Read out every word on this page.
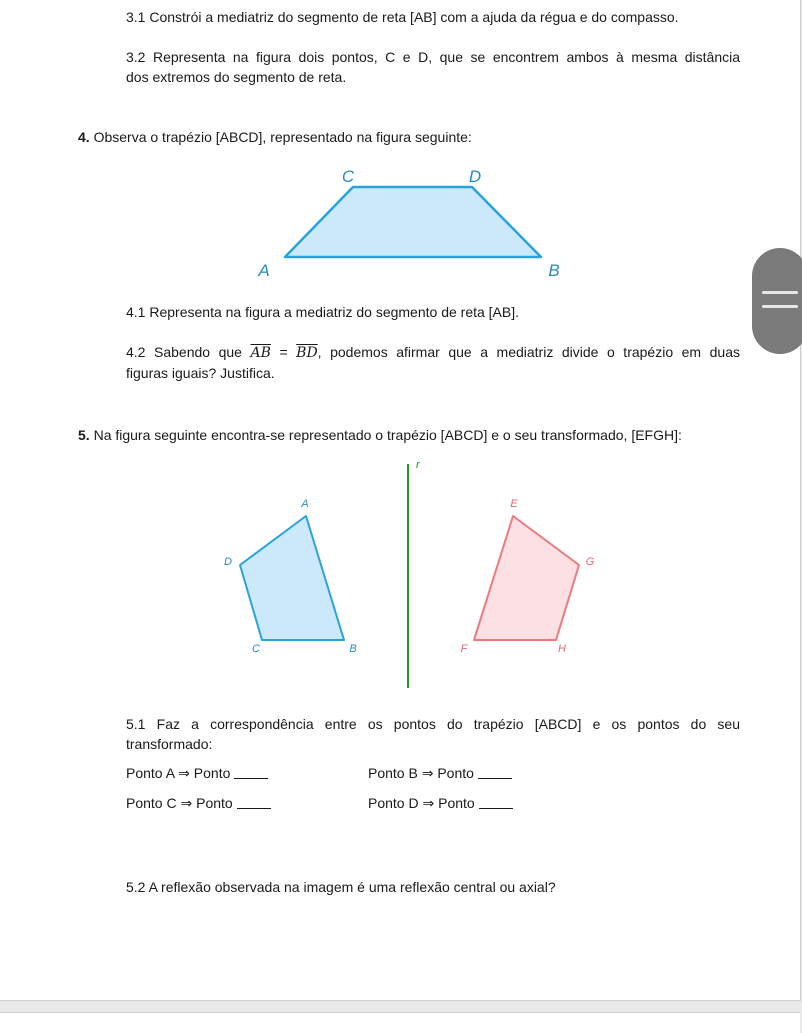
3.1 Constrói a mediatriz do segmento de reta [AB] com a ajuda da régua e do compasso.
3.2 Representa na figura dois pontos, C e D, que se encontrem ambos à mesma distância
dos extremos do segmento de reta.
4. Observa o trapézio [ABCD], representado na figura seguinte:
C	D
A	B
r
A
D
C	B
E
G
F	H
4.1 Representa na figura a mediatriz do segmento de reta [AB].
4.2 Sabendo que $\overline{AB} = \overline{BD}$, podemos afirmar que a mediatriz divide o trapézio em duas
figuras iguais? Justifica.
5. Na figura seguinte encontra-se representado o trapézio [ABCD] e o seu transformado, [EFGH]:
5.1 Faz a correspondência entre os pontos do trapézio [ABCD] e os pontos do seu
transformado:
Ponto A ⇒ Ponto	Ponto B ⇒ Ponto
Ponto C ⇒ Ponto	Ponto D ⇒ Ponto
5.2 A reflexão observada na imagem é uma reflexão central ou axial?
